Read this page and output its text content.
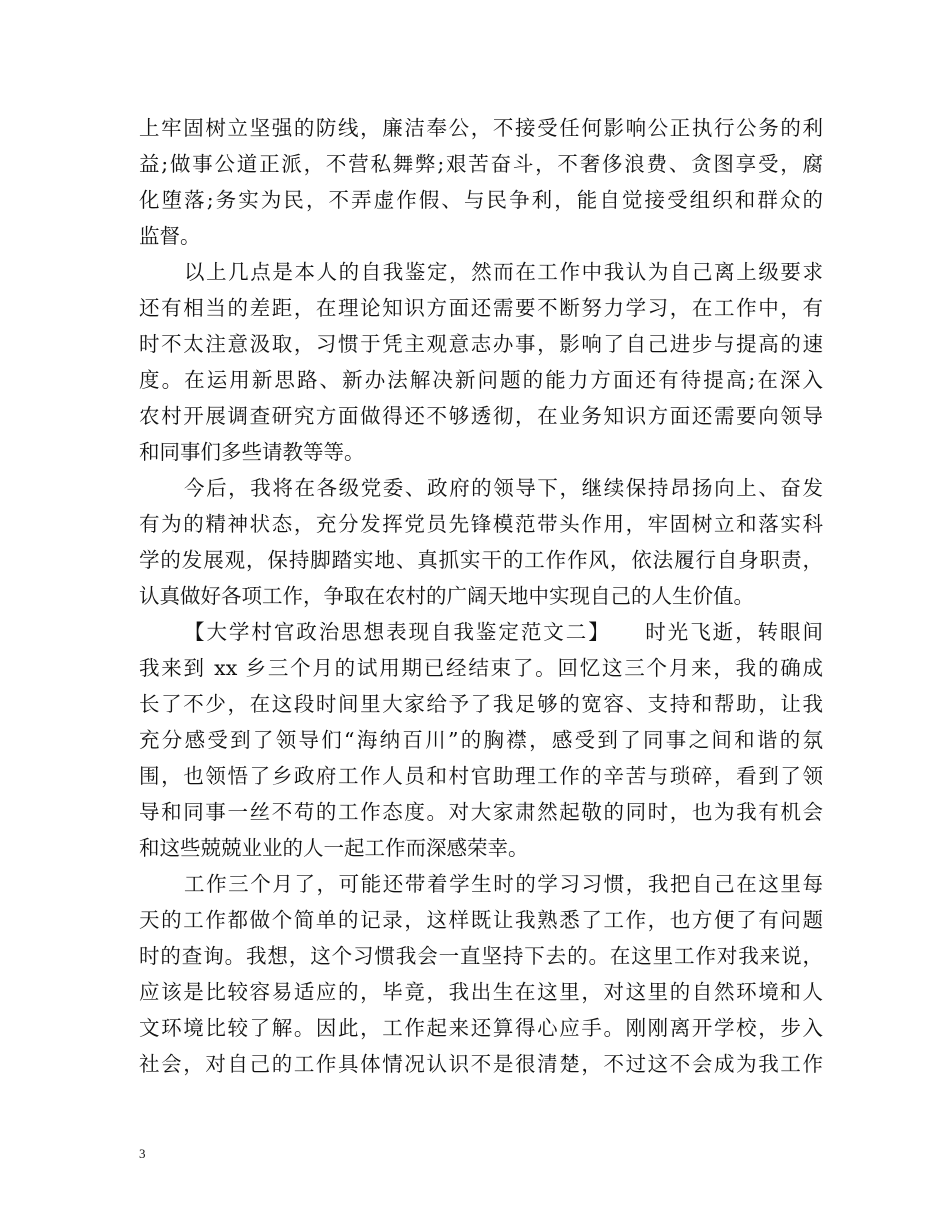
上牢固树立坚强的防线，廉洁奉公，不接受任何影响公正执行公务的利
益;做事公道正派，不营私舞弊;艰苦奋斗，不奢侈浪费、贪图享受，腐
化堕落;务实为民，不弄虚作假、与民争利，能自觉接受组织和群众的
监督。
以上几点是本人的自我鉴定，然而在工作中我认为自己离上级要求
还有相当的差距，在理论知识方面还需要不断努力学习，在工作中，有
时不太注意汲取，习惯于凭主观意志办事，影响了自己进步与提高的速
度。在运用新思路、新办法解决新问题的能力方面还有待提高;在深入
农村开展调查研究方面做得还不够透彻，在业务知识方面还需要向领导
和同事们多些请教等等。
今后，我将在各级党委、政府的领导下，继续保持昂扬向上、奋发
有为的精神状态，充分发挥党员先锋模范带头作用，牢固树立和落实科
学的发展观，保持脚踏实地、真抓实干的工作作风，依法履行自身职责，
认真做好各项工作，争取在农村的广阔天地中实现自己的人生价值。
【大学村官政治思想表现自我鉴定范文二】　　时光飞逝，转眼间
我来到 xx 乡三个月的试用期已经结束了。回忆这三个月来，我的确成
长了不少，在这段时间里大家给予了我足够的宽容、支持和帮助，让我
充分感受到了领导们“海纳百川”的胸襟，感受到了同事之间和谐的氛
围，也领悟了乡政府工作人员和村官助理工作的辛苦与琐碎，看到了领
导和同事一丝不苟的工作态度。对大家肃然起敬的同时，也为我有机会
和这些兢兢业业的人一起工作而深感荣幸。
工作三个月了，可能还带着学生时的学习习惯，我把自己在这里每
天的工作都做个简单的记录，这样既让我熟悉了工作，也方便了有问题
时的查询。我想，这个习惯我会一直坚持下去的。在这里工作对我来说，
应该是比较容易适应的，毕竟，我出生在这里，对这里的自然环境和人
文环境比较了解。因此，工作起来还算得心应手。刚刚离开学校，步入
社会，对自己的工作具体情况认识不是很清楚，不过这不会成为我工作
3
